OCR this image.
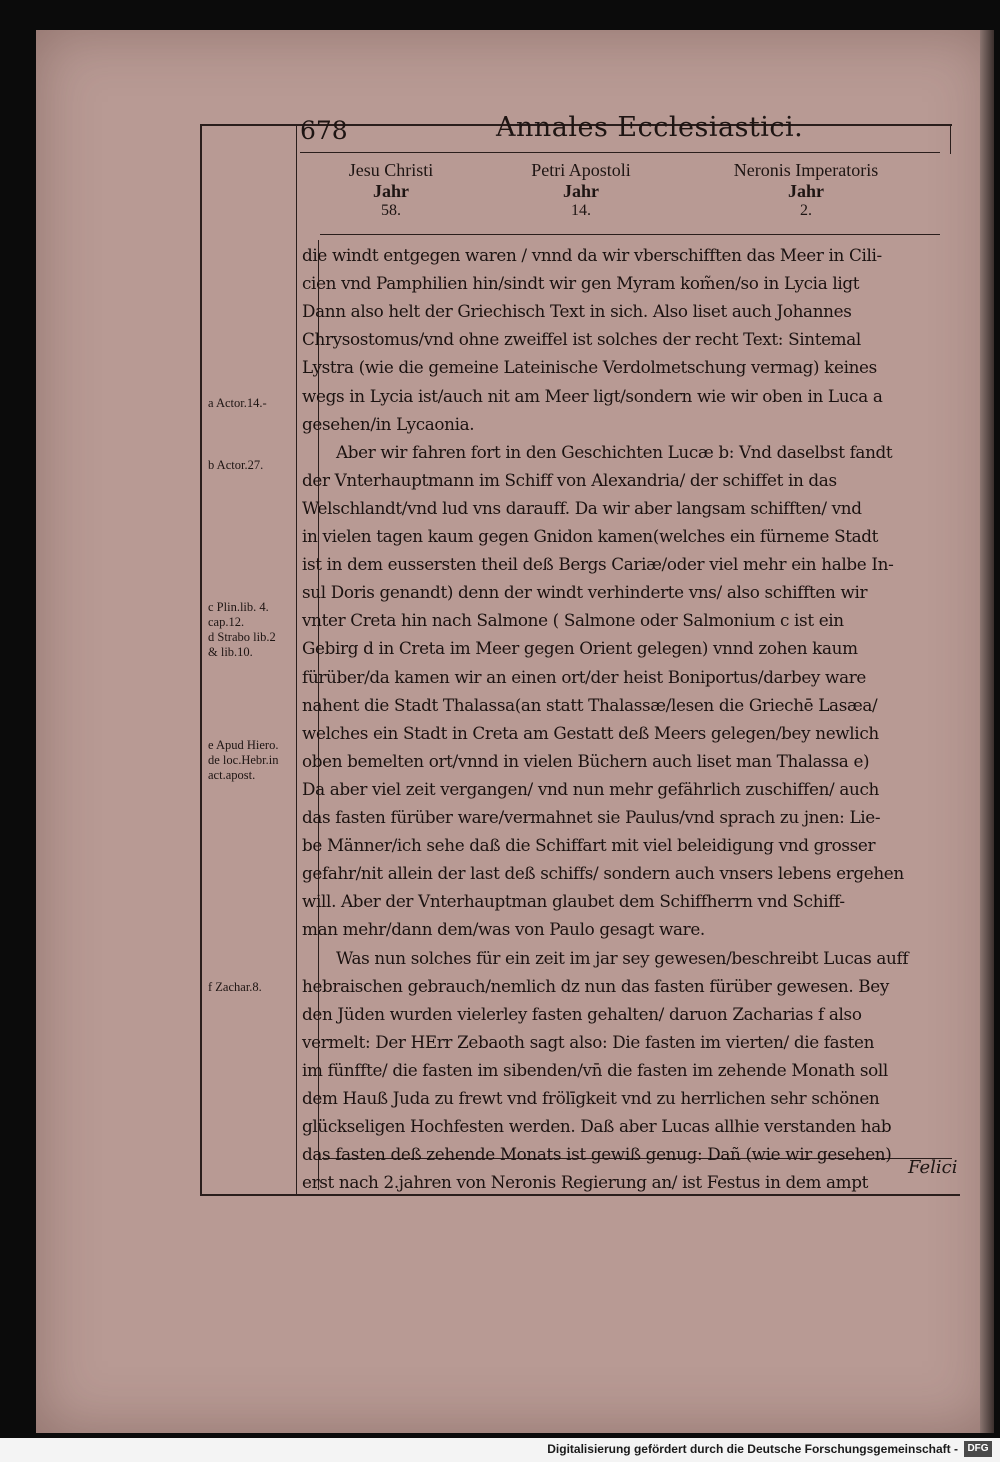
678	Annales Ecclesiastici.
Jesu Christi
Jahr
58.
Petri Apostoli
Jahr
14.
Neronis Imperatoris
Jahr
2.
die windt entgegen waren / vnnd da wir vberschifften das Meer in Cili-
cien vnd Pamphilien hin/sindt wir gen Myram kom̃en/so in Lycia ligt
Dann also helt der Griechisch Text in sich. Also liset auch Johannes
Chrysostomus/vnd ohne zweiffel ist solches der recht Text: Sintemal
Lystra (wie die gemeine Lateinische Verdolmetschung vermag) keines
wegs in Lycia ist/auch nit am Meer ligt/sondern wie wir oben in Luca a
gesehen/in Lycaonia.
Aber wir fahren fort in den Geschichten Lucæ b: Vnd daselbst fandt
der Vnterhauptmann im Schiff von Alexandria/ der schiffet in das
Welschlandt/vnd lud vns darauff. Da wir aber langsam schifften/ vnd
in vielen tagen kaum gegen Gnidon kamen(welches ein fürneme Stadt
ist in dem eussersten theil deß Bergs Cariæ/oder viel mehr ein halbe In-
sul Doris genandt) denn der windt verhinderte vns/ also schifften wir
vnter Creta hin nach Salmone ( Salmone oder Salmonium c ist ein
Gebirg d in Creta im Meer gegen Orient gelegen) vnnd zohen kaum
fürüber/da kamen wir an einen ort/der heist Boniportus/darbey ware
nahent die Stadt Thalassa(an statt Thalassæ/lesen die Griechē Lasæa/
welches ein Stadt in Creta am Gestatt deß Meers gelegen/bey newlich
oben bemelten ort/vnnd in vielen Büchern auch liset man Thalassa e)
Da aber viel zeit vergangen/ vnd nun mehr gefährlich zuschiffen/ auch
das fasten fürüber ware/vermahnet sie Paulus/vnd sprach zu jnen: Lie-
be Männer/ich sehe daß die Schiffart mit viel beleidigung vnd grosser
gefahr/nit allein der last deß schiffs/ sondern auch vnsers lebens ergehen
will. Aber der Vnterhauptman glaubet dem Schiffherrn vnd Schiff-
man mehr/dann dem/was von Paulo gesagt ware.
Was nun solches für ein zeit im jar sey gewesen/beschreibt Lucas auff
hebraischen gebrauch/nemlich dz nun das fasten fürüber gewesen. Bey
den Jüden wurden vielerley fasten gehalten/ daruon Zacharias f also
vermelt: Der HErr Zebaoth sagt also: Die fasten im vierten/ die fasten
im fünffte/ die fasten im sibenden/vn̄ die fasten im zehende Monath soll
dem Hauß Juda zu frewt vnd frölīgkeit vnd zu herrlichen sehr schönen
glückseligen Hochfesten werden. Daß aber Lucas allhie verstanden hab
das fasten deß zehende Monats ist gewiß genug: Dañ (wie wir gesehen)
erst nach 2.jahren von Neronis Regierung an/ ist Festus in dem ampt
a Actor.14.-
b Actor.27.
c Plin.lib. 4.
cap.12.
d Strabo lib.2
& lib.10.
e Apud Hiero.
de loc.Hebr.in
act.apost.
f Zachar.8.
Felici
Digitalisierung gefördert durch die Deutsche Forschungsgemeinschaft - DFG
